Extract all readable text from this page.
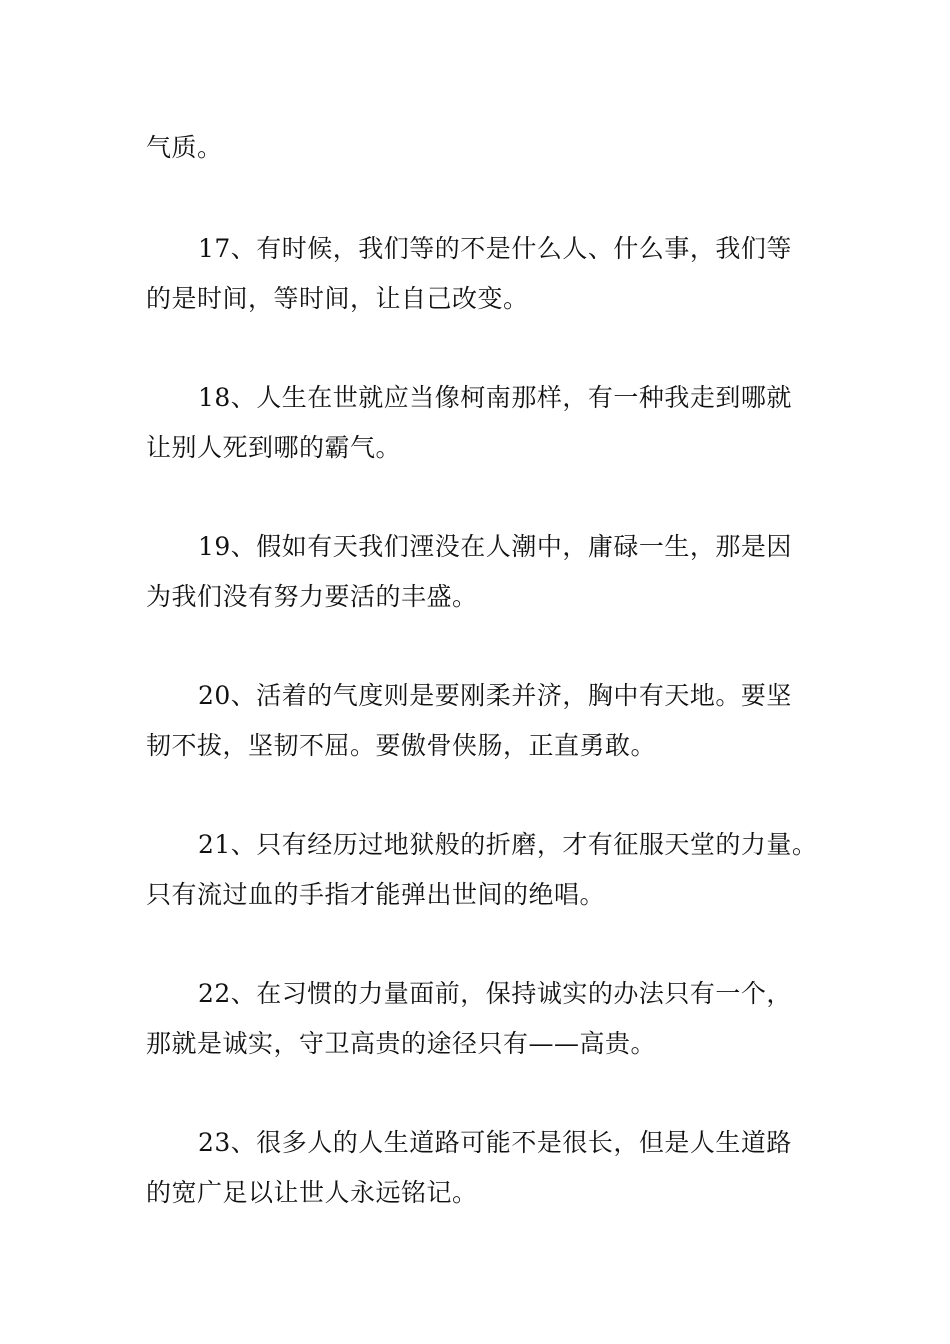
气质。

17、有时候，我们等的不是什么人、什么事，我们等
的是时间，等时间，让自己改变。

18、人生在世就应当像柯南那样，有一种我走到哪就
让别人死到哪的霸气。

19、假如有天我们湮没在人潮中，庸碌一生，那是因
为我们没有努力要活的丰盛。

20、活着的气度则是要刚柔并济，胸中有天地。要坚
韧不拔，坚韧不屈。要傲骨侠肠，正直勇敢。

21、只有经历过地狱般的折磨，才有征服天堂的力量。
只有流过血的手指才能弹出世间的绝唱。

22、在习惯的力量面前，保持诚实的办法只有一个，
那就是诚实，守卫高贵的途径只有——高贵。

23、很多人的人生道路可能不是很长，但是人生道路
的宽广足以让世人永远铭记。
